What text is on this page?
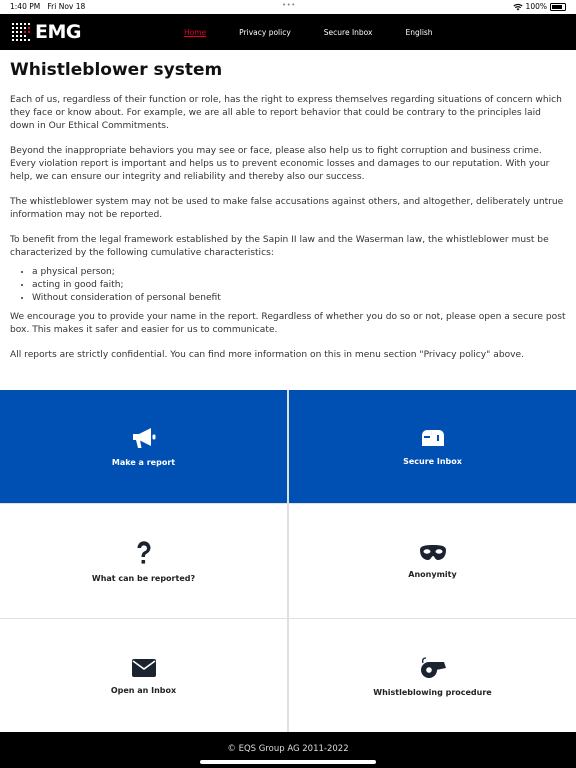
1:40 PM Fri Nov 18	•••	100%
EMG	Home	Privacy policy	Secure Inbox	English
Whistleblower system

Each of us, regardless of their function or role, has the right to express themselves regarding situations of concern which they face or know about. For example, we are all able to report behavior that could be contrary to the principles laid down in Our Ethical Commitments.

Beyond the inappropriate behaviors you may see or face, please also help us to fight corruption and business crime. Every violation report is important and helps us to prevent economic losses and damages to our reputation. With your help, we can ensure our integrity and reliability and thereby also our success.

The whistleblower system may not be used to make false accusations against others, and altogether, deliberately untrue information may not be reported.

To benefit from the legal framework established by the Sapin II law and the Waserman law, the whistleblower must be characterized by the following cumulative characteristics:

• a physical person;
• acting in good faith;
• Without consideration of personal benefit

We encourage you to provide your name in the report. Regardless of whether you do so or not, please open a secure post box. This makes it safer and easier for us to communicate.

All reports are strictly confidential. You can find more information on this in menu section "Privacy policy" above.

Make a report	Secure Inbox
What can be reported?	Anonymity
Open an Inbox	Whistleblowing procedure
© EQS Group AG 2011-2022
